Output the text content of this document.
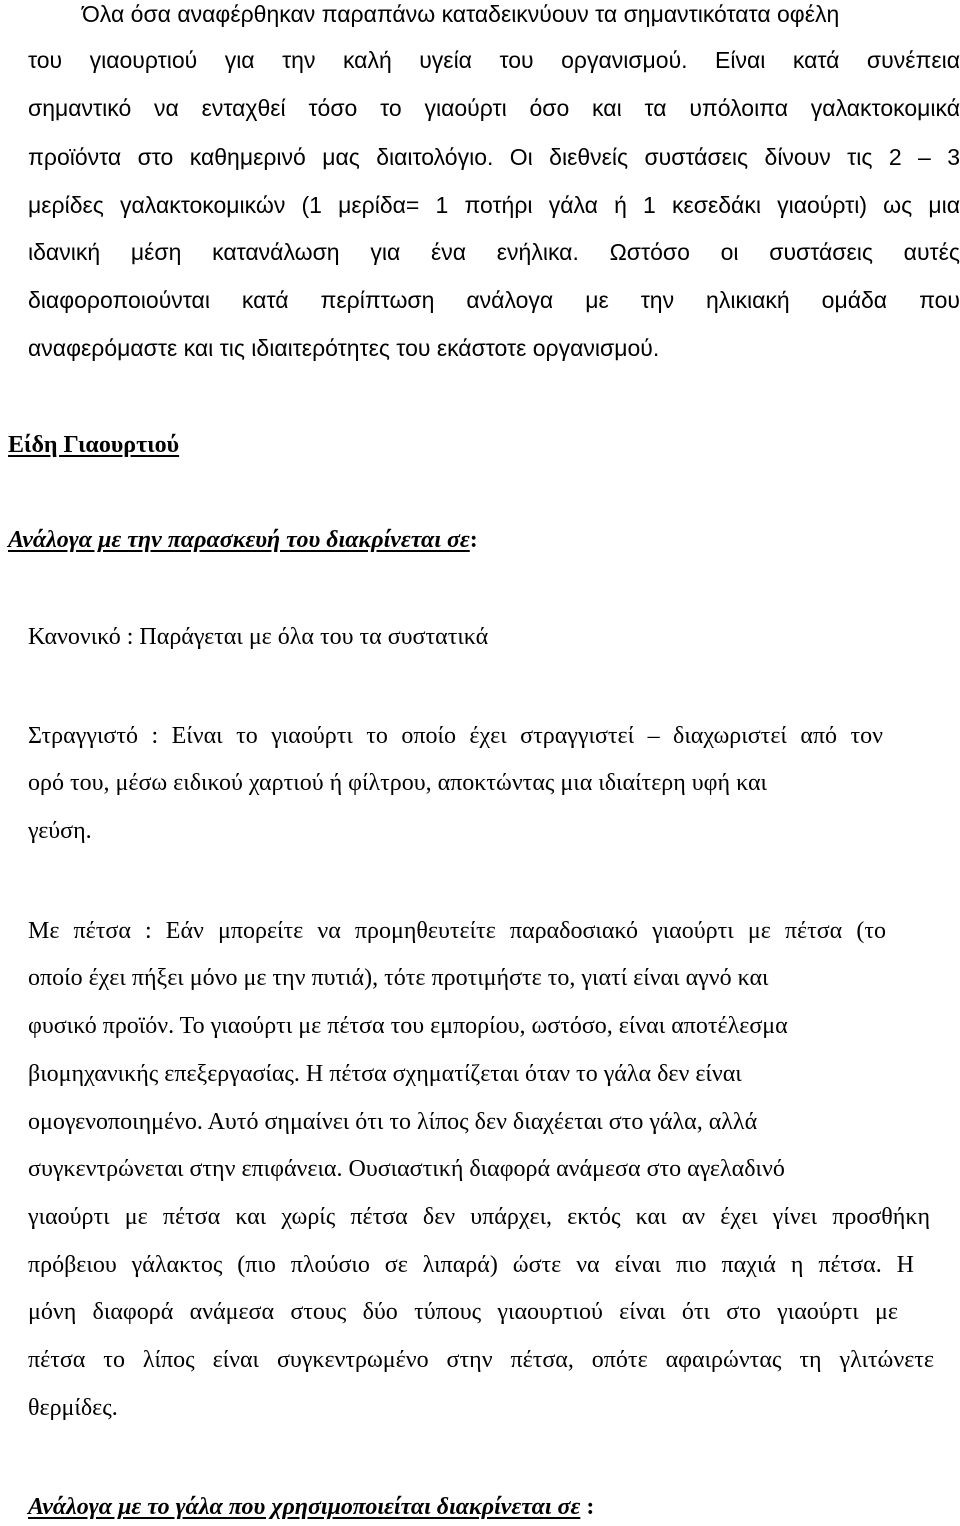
Όλα όσα αναφέρθηκαν παραπάνω καταδεικνύουν τα σημαντικότατα οφέλη
του γιαουρτιού για την καλή υγεία του οργανισμού. Είναι κατά συνέπεια
σημαντικό να ενταχθεί τόσο το γιαούρτι όσο και τα υπόλοιπα γαλακτοκομικά
προϊόντα στο καθημερινό μας διαιτολόγιο. Οι διεθνείς συστάσεις δίνουν τις 2 – 3
μερίδες γαλακτοκομικών (1 μερίδα= 1 ποτήρι γάλα ή 1 κεσεδάκι γιαούρτι) ως μια
ιδανική μέση κατανάλωση για ένα ενήλικα. Ωστόσο οι συστάσεις αυτές
διαφοροποιούνται κατά περίπτωση ανάλογα με την ηλικιακή ομάδα που
αναφερόμαστε και τις ιδιαιτερότητες του εκάστοτε οργανισμού.
Είδη Γιαουρτιού
Ανάλογα με την παρασκευή του διακρίνεται σε:
Κανονικό : Παράγεται με όλα του τα συστατικά
Στραγγιστό : Είναι το γιαούρτι το οποίο έχει στραγγιστεί – διαχωριστεί από τον
ορό του, μέσω ειδικού χαρτιού ή φίλτρου, αποκτώντας μια ιδιαίτερη υφή και
γεύση.
Με πέτσα : Εάν μπορείτε να προμηθευτείτε παραδοσιακό γιαούρτι με πέτσα (το
οποίο έχει πήξει μόνο με την πυτιά), τότε προτιμήστε το, γιατί είναι αγνό και
φυσικό προϊόν. Το γιαούρτι με πέτσα του εμπορίου, ωστόσο, είναι αποτέλεσμα
βιομηχανικής επεξεργασίας. Η πέτσα σχηματίζεται όταν το γάλα δεν είναι
ομογενοποιημένο. Αυτό σημαίνει ότι το λίπος δεν διαχέεται στο γάλα, αλλά
συγκεντρώνεται στην επιφάνεια. Ουσιαστική διαφορά ανάμεσα στο αγελαδινό
γιαούρτι με πέτσα και χωρίς πέτσα δεν υπάρχει, εκτός και αν έχει γίνει προσθήκη
πρόβειου γάλακτος (πιο πλούσιο σε λιπαρά) ώστε να είναι πιο παχιά η πέτσα. Η
μόνη διαφορά ανάμεσα στους δύο τύπους γιαουρτιού είναι ότι στο γιαούρτι με
πέτσα το λίπος είναι συγκεντρωμένο στην πέτσα, οπότε αφαιρώντας τη γλιτώνετε
θερμίδες.
Ανάλογα με το γάλα που χρησιμοποιείται διακρίνεται σε :
